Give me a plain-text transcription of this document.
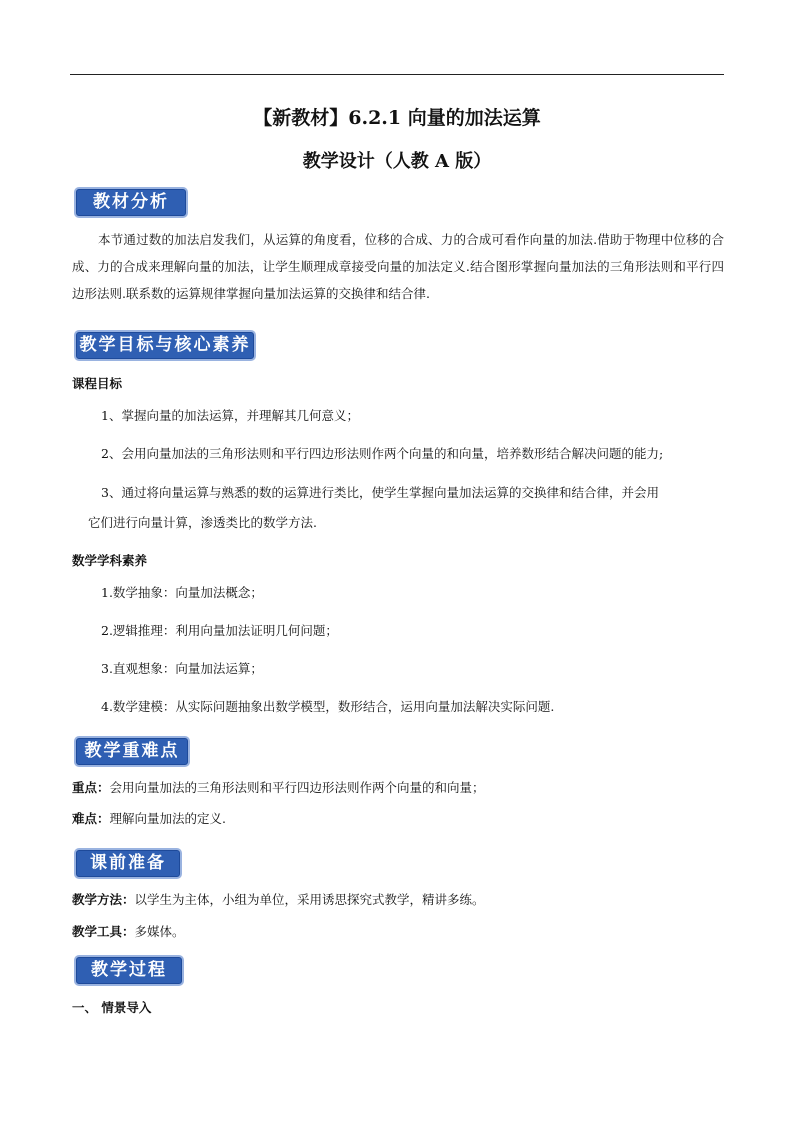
【新教材】6.2.1 向量的加法运算
教学设计（人教 A 版）
教材分析
本节通过数的加法启发我们，从运算的角度看，位移的合成、力的合成可看作向量的加法.借助于物理中位移的合成、力的合成来理解向量的加法，让学生顺理成章接受向量的加法定义.结合图形掌握向量加法的三角形法则和平行四边形法则.联系数的运算规律掌握向量加法运算的交换律和结合律.
教学目标与核心素养
课程目标
1、掌握向量的加法运算，并理解其几何意义；
2、会用向量加法的三角形法则和平行四边形法则作两个向量的和向量，培养数形结合解决问题的能力;
3、通过将向量运算与熟悉的数的运算进行类比，使学生掌握向量加法运算的交换律和结合律，并会用
它们进行向量计算，渗透类比的数学方法.
数学学科素养
1.数学抽象：向量加法概念；
2.逻辑推理：利用向量加法证明几何问题；
3.直观想象：向量加法运算；
4.数学建模：从实际问题抽象出数学模型，数形结合，运用向量加法解决实际问题.
教学重难点
重点：会用向量加法的三角形法则和平行四边形法则作两个向量的和向量；
难点：理解向量加法的定义.
课前准备
教学方法：以学生为主体，小组为单位，采用诱思探究式教学，精讲多练。
教学工具：多媒体。
教学过程
一、 情景导入
